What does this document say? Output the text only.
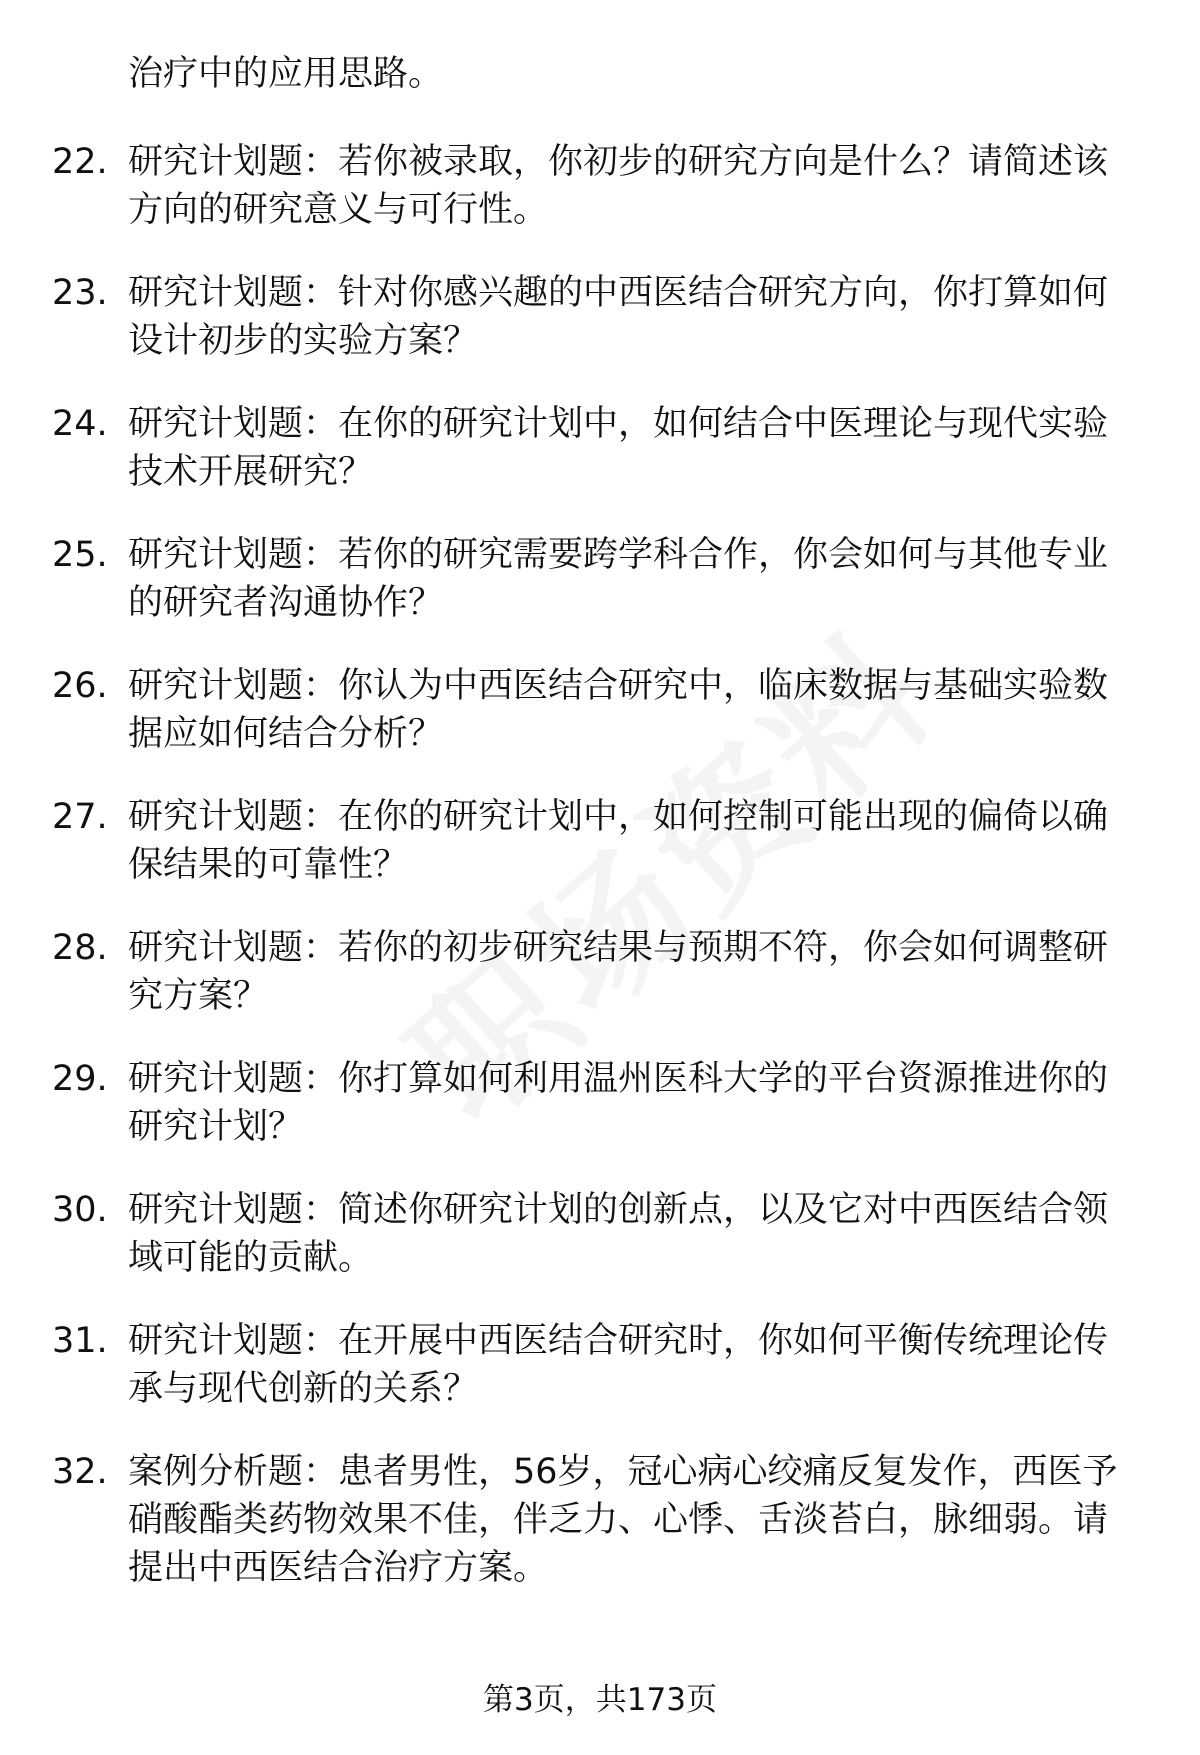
治疗中的应用思路。
22. 研究计划题：若你被录取，你初步的研究方向是什么？请简述该方向的研究意义与可行性。
23. 研究计划题：针对你感兴趣的中西医结合研究方向，你打算如何设计初步的实验方案？
24. 研究计划题：在你的研究计划中，如何结合中医理论与现代实验技术开展研究？
25. 研究计划题：若你的研究需要跨学科合作，你会如何与其他专业的研究者沟通协作？
26. 研究计划题：你认为中西医结合研究中，临床数据与基础实验数据应如何结合分析？
27. 研究计划题：在你的研究计划中，如何控制可能出现的偏倚以确保结果的可靠性？
28. 研究计划题：若你的初步研究结果与预期不符，你会如何调整研究方案？
29. 研究计划题：你打算如何利用温州医科大学的平台资源推进你的研究计划？
30. 研究计划题：简述你研究计划的创新点，以及它对中西医结合领域可能的贡献。
31. 研究计划题：在开展中西医结合研究时，你如何平衡传统理论传承与现代创新的关系？
32. 案例分析题：患者男性，56岁，冠心病心绞痛反复发作，西医予硝酸酯类药物效果不佳，伴乏力、心悸、舌淡苔白，脉细弱。请提出中西医结合治疗方案。
第3页，共173页
